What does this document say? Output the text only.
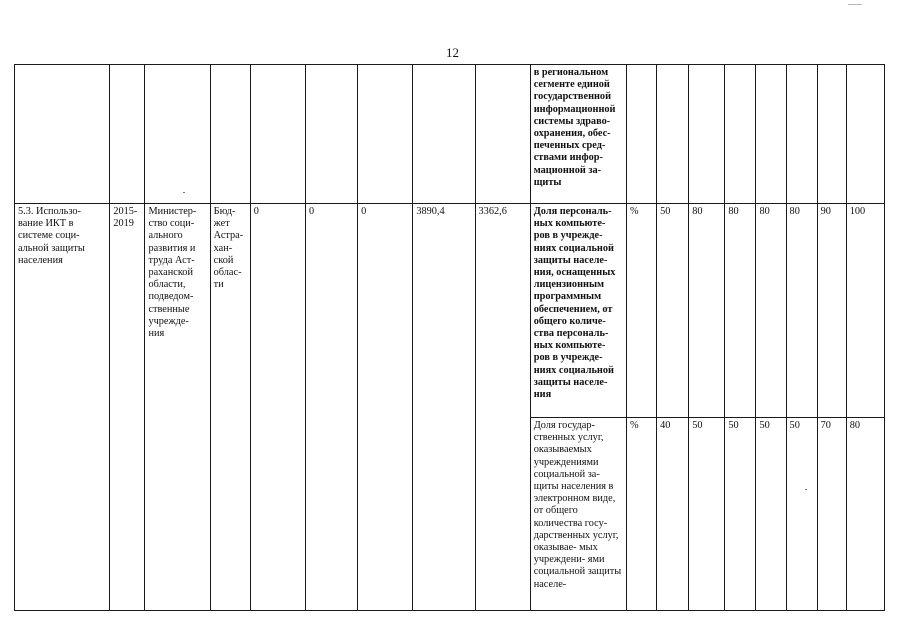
12
									в региональном сегменте единой государственной информационной системы здраво- охранения, обес- печенных сред- ствами инфор- мационной за- щиты								
5.3. Использо- вание ИКТ в системе соци- альной защиты населения	2015- 2019	Министер- ство соци- ального развития и труда Аст- раханской области, подведом- ственные учрежде- ния	Бюд- жет Астра- хан- ской облас- ти	0	0	0	3890,4	3362,6	Доля персональ- ных компьюте- ров в учрежде- ниях социальной защиты населе- ния, оснащенных лицензионным программным обеспечением, от общего количе- ства персональ- ных компьюте- ров в учрежде- ниях социальной защиты населе- ния	%	50	80	80	80	80	90	100
									Доля государ- ственных услуг, оказываемых учреждениями социальной за- щиты населения в электронном виде, от общего количества госу- дарственных услуг, оказывае- мых учреждени- ями социальной защиты населе-	%	40	50	50	50	50	70	80
